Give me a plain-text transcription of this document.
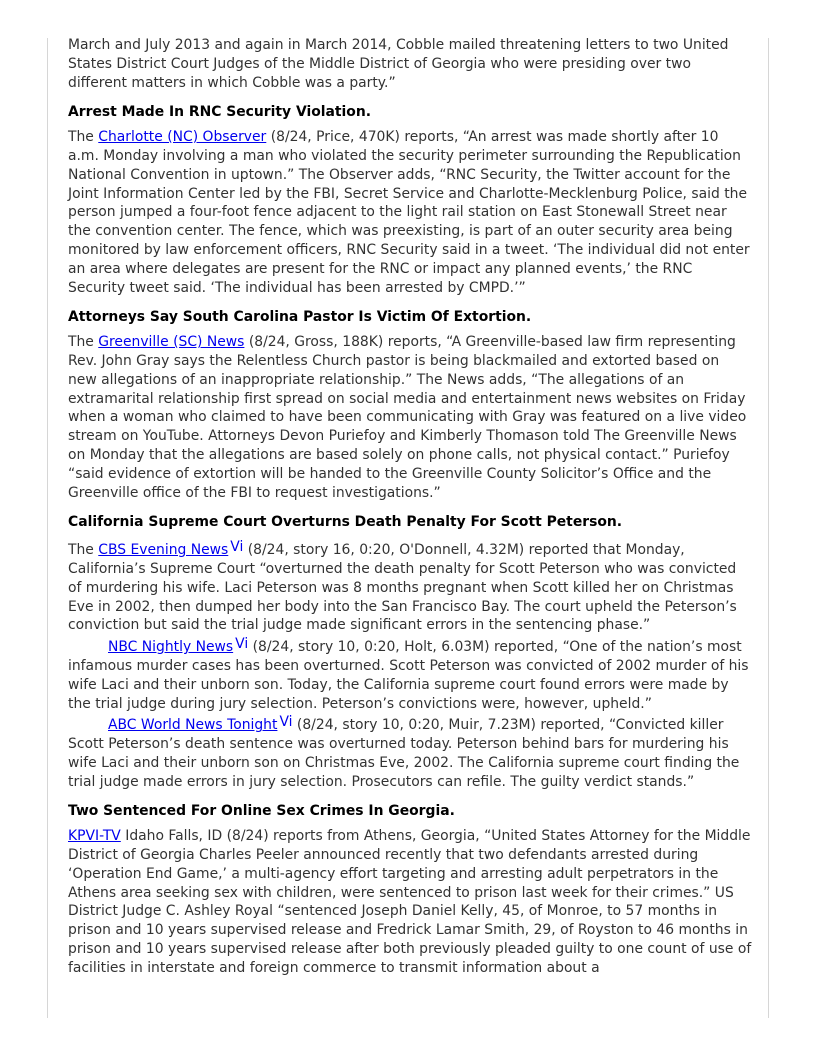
March and July 2013 and again in March 2014, Cobble mailed threatening letters to two United States District Court Judges of the Middle District of Georgia who were presiding over two different matters in which Cobble was a party.”

Arrest Made In RNC Security Violation.

The Charlotte (NC) Observer (8/24, Price, 470K) reports, “An arrest was made shortly after 10 a.m. Monday involving a man who violated the security perimeter surrounding the Republication National Convention in uptown.” The Observer adds, “RNC Security, the Twitter account for the Joint Information Center led by the FBI, Secret Service and Charlotte-Mecklenburg Police, said the person jumped a four-foot fence adjacent to the light rail station on East Stonewall Street near the convention center. The fence, which was preexisting, is part of an outer security area being monitored by law enforcement officers, RNC Security said in a tweet. ‘The individual did not enter an area where delegates are present for the RNC or impact any planned events,’ the RNC Security tweet said. ‘The individual has been arrested by CMPD.’”

Attorneys Say South Carolina Pastor Is Victim Of Extortion.

The Greenville (SC) News (8/24, Gross, 188K) reports, “A Greenville-based law firm representing Rev. John Gray says the Relentless Church pastor is being blackmailed and extorted based on new allegations of an inappropriate relationship.” The News adds, “The allegations of an extramarital relationship first spread on social media and entertainment news websites on Friday when a woman who claimed to have been communicating with Gray was featured on a live video stream on YouTube. Attorneys Devon Puriefoy and Kimberly Thomason told The Greenville News on Monday that the allegations are based solely on phone calls, not physical contact.” Puriefoy “said evidence of extortion will be handed to the Greenville County Solicitor’s Office and the Greenville office of the FBI to request investigations.”

California Supreme Court Overturns Death Penalty For Scott Peterson.

The CBS Evening News Vi (8/24, story 16, 0:20, O'Donnell, 4.32M) reported that Monday, California’s Supreme Court “overturned the death penalty for Scott Peterson who was convicted of murdering his wife. Laci Peterson was 8 months pregnant when Scott killed her on Christmas Eve in 2002, then dumped her body into the San Francisco Bay. The court upheld the Peterson’s conviction but said the trial judge made significant errors in the sentencing phase.”

NBC Nightly News Vi (8/24, story 10, 0:20, Holt, 6.03M) reported, “One of the nation’s most infamous murder cases has been overturned. Scott Peterson was convicted of 2002 murder of his wife Laci and their unborn son. Today, the California supreme court found errors were made by the trial judge during jury selection. Peterson’s convictions were, however, upheld.”

ABC World News Tonight Vi (8/24, story 10, 0:20, Muir, 7.23M) reported, “Convicted killer Scott Peterson’s death sentence was overturned today. Peterson behind bars for murdering his wife Laci and their unborn son on Christmas Eve, 2002. The California supreme court finding the trial judge made errors in jury selection. Prosecutors can refile. The guilty verdict stands.”

Two Sentenced For Online Sex Crimes In Georgia.

KPVI-TV Idaho Falls, ID (8/24) reports from Athens, Georgia, “United States Attorney for the Middle District of Georgia Charles Peeler announced recently that two defendants arrested during ‘Operation End Game,’ a multi-agency effort targeting and arresting adult perpetrators in the Athens area seeking sex with children, were sentenced to prison last week for their crimes.” US District Judge C. Ashley Royal “sentenced Joseph Daniel Kelly, 45, of Monroe, to 57 months in prison and 10 years supervised release and Fredrick Lamar Smith, 29, of Royston to 46 months in prison and 10 years supervised release after both previously pleaded guilty to one count of use of facilities in interstate and foreign commerce to transmit information about a
